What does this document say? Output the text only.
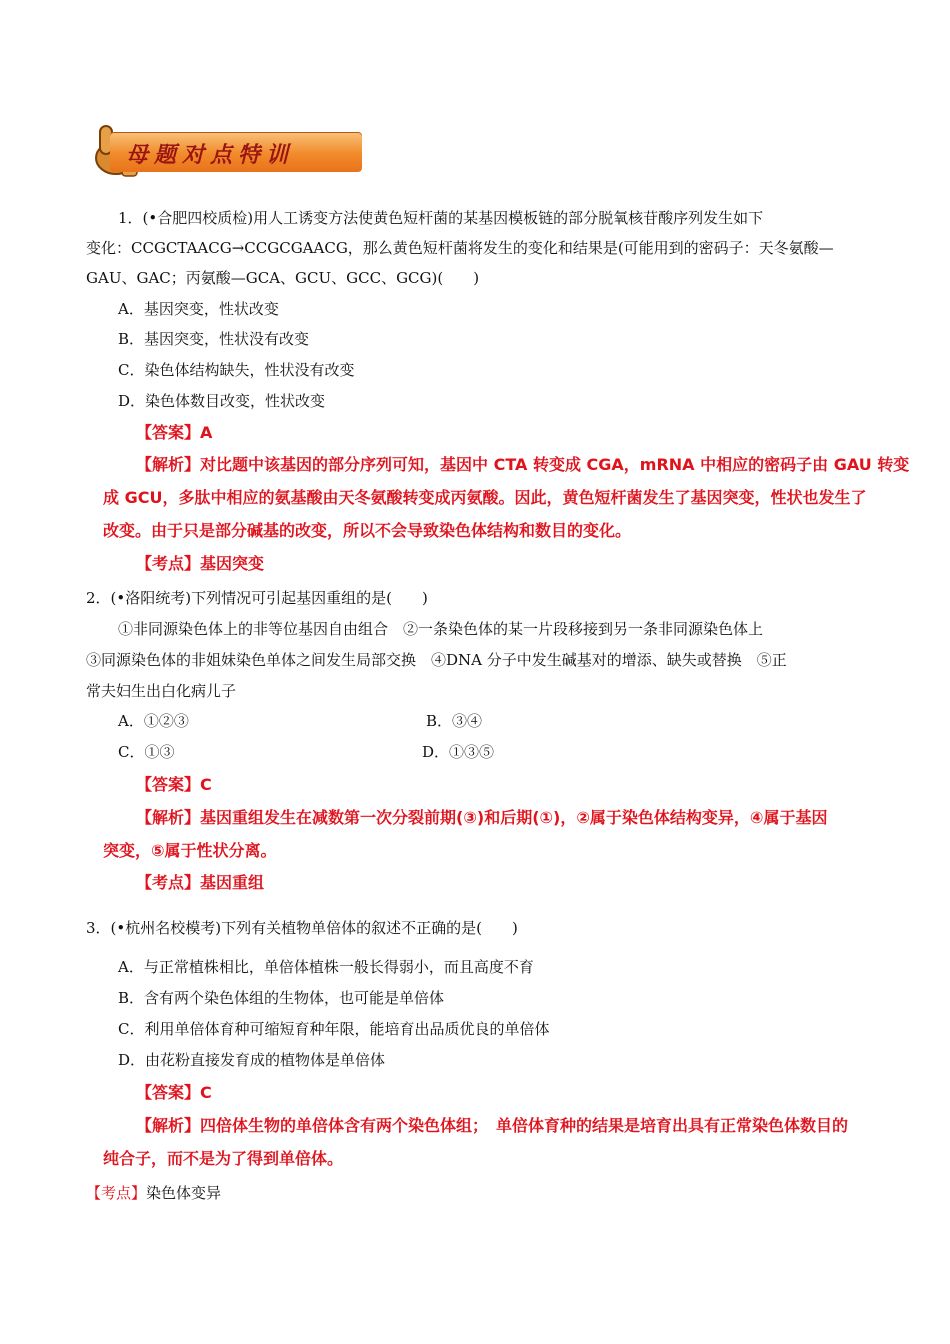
母题对点特训
1．(•合肥四校质检)用人工诱变方法使黄色短杆菌的某基因模板链的部分脱氧核苷酸序列发生如下
变化：CCGCTAACG→CCGCGAACG，那么黄色短杆菌将发生的变化和结果是(可能用到的密码子：天冬氨酸—
GAU、GAC；丙氨酸—GCA、GCU、GCC、GCG)(　　)
A．基因突变，性状改变
B．基因突变，性状没有改变
C．染色体结构缺失，性状没有改变
D．染色体数目改变，性状改变
【答案】A
【解析】对比题中该基因的部分序列可知，基因中 CTA 转变成 CGA，mRNA 中相应的密码子由 GAU 转变
成 GCU，多肽中相应的氨基酸由天冬氨酸转变成丙氨酸。因此，黄色短杆菌发生了基因突变，性状也发生了
改变。由于只是部分碱基的改变，所以不会导致染色体结构和数目的变化。
【考点】基因突变
2．(•洛阳统考)下列情况可引起基因重组的是(　　)
①非同源染色体上的非等位基因自由组合　②一条染色体的某一片段移接到另一条非同源染色体上
③同源染色体的非姐妹染色单体之间发生局部交换　④DNA 分子中发生碱基对的增添、缺失或替换　⑤正
常夫妇生出白化病儿子
A．①②③	B．③④
C．①③	D．①③⑤
【答案】C
【解析】基因重组发生在减数第一次分裂前期(③)和后期(①)，②属于染色体结构变异，④属于基因
突变，⑤属于性状分离。
【考点】基因重组
3．(•杭州名校模考)下列有关植物单倍体的叙述不正确的是(　　)
A．与正常植株相比，单倍体植株一般长得弱小，而且高度不育
B．含有两个染色体组的生物体，也可能是单倍体
C．利用单倍体育种可缩短育种年限，能培育出品质优良的单倍体
D．由花粉直接发育成的植物体是单倍体
【答案】C
【解析】四倍体生物的单倍体含有两个染色体组；　单倍体育种的结果是培育出具有正常染色体数目的
纯合子，而不是为了得到单倍体。
【考点】染色体变异
